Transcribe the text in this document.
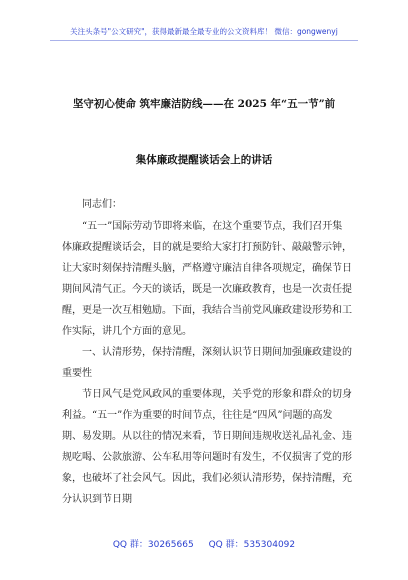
关注头条号"公文研究"，获得最新最全最专业的公文资料库！ 微信：gongwenyj
坚守初心使命 筑牢廉洁防线——在 2025 年“五一节”前
集体廉政提醒谈话会上的讲话
同志们：
“五一”国际劳动节即将来临，在这个重要节点，我们召开集体廉政提醒谈话会，目的就是要给大家打打预防针、敲敲警示钟，让大家时刻保持清醒头脑，严格遵守廉洁自律各项规定，确保节日期间风清气正。今天的谈话，既是一次廉政教育，也是一次责任提醒，更是一次互相勉励。下面，我结合当前党风廉政建设形势和工作实际，讲几个方面的意见。
一、认清形势，保持清醒，深刻认识节日期间加强廉政建设的重要性
节日风气是党风政风的重要体现，关乎党的形象和群众的切身利益。“五一”作为重要的时间节点，往往是“四风”问题的高发期、易发期。从以往的情况来看，节日期间违规收送礼品礼金、违规吃喝、公款旅游、公车私用等问题时有发生，不仅损害了党的形象，也破坏了社会风气。因此，我们必须认清形势，保持清醒，充分认识到节日期
QQ 群：30265665 QQ 群：535304092
